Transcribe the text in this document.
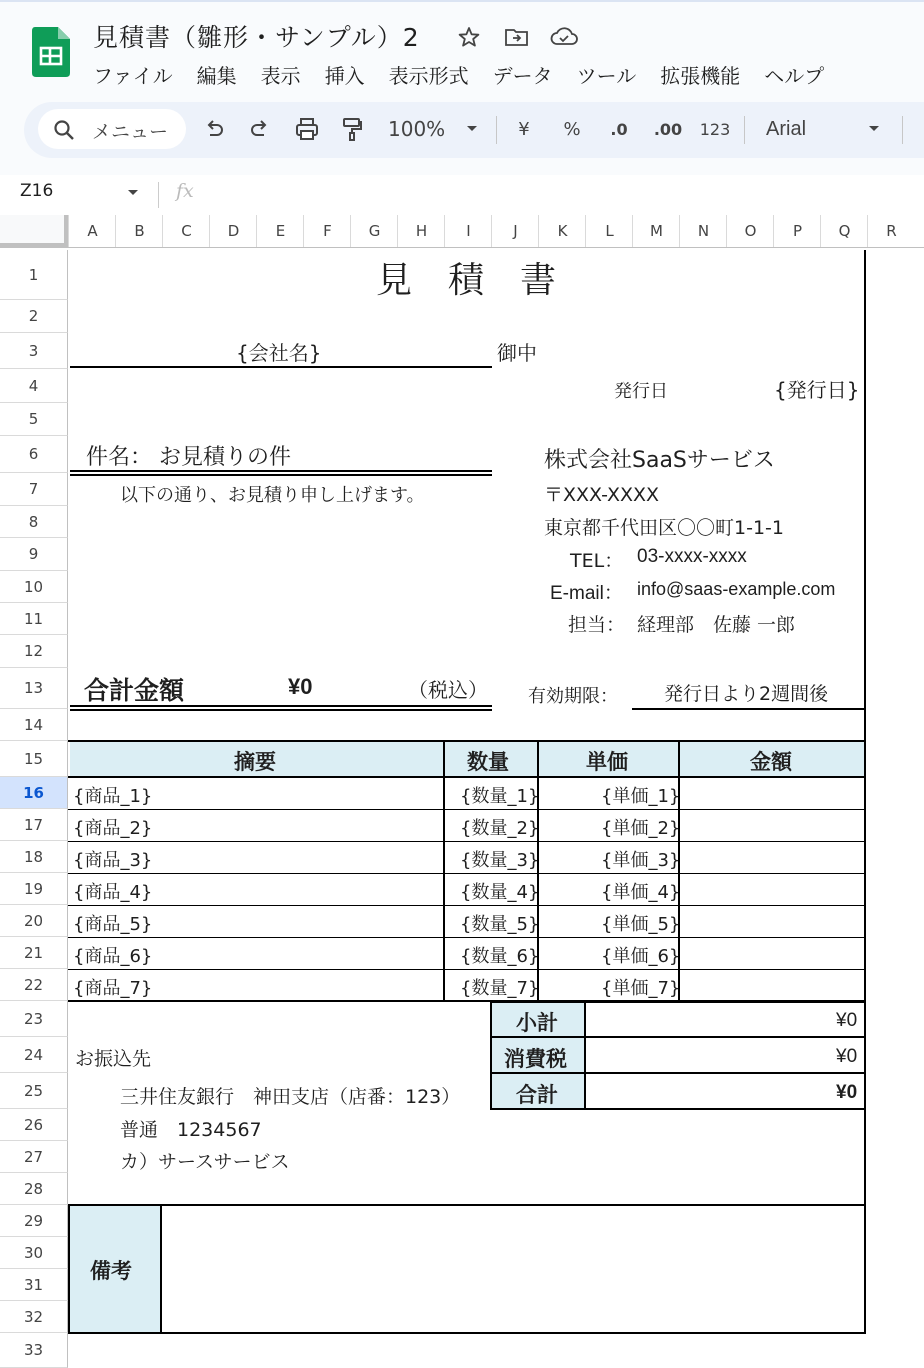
見積書（雛形・サンプル）2
ファイル 編集 表示 挿入 表示形式 データ ツール 拡張機能 ヘルプ
メニュー	100%	¥ % .0 .00 123 Arial
Z16	fx
A	B	C	D	E	F	G	H	I	J	K	L	M	N	O	P	Q	R
1
2
3
4
5
6
7
8
9
10
11
12
13
14
15
16
17
18
19
20
21
22
23
24
25
26
27
28
29
30
31
32
33
見　積　書
{会社名}	御中
発行日	{発行日}
件名： お見積りの件
以下の通り、お見積り申し上げます。
株式会社SaaSサービス
〒XXX-XXXX
東京都千代田区〇〇町1-1-1
TEL： 03-xxxx-xxxx
E-mail： info@saas-example.com
担当： 経理部　佐藤 一郎
合計金額	¥0	（税込） 有効期限： 発行日より2週間後
摘要	数量	単価	金額
{商品_1}	{数量_1}	{単価_1}
{商品_2}	{数量_2}	{単価_2}
{商品_3}	{数量_3}	{単価_3}
{商品_4}	{数量_4}	{単価_4}
{商品_5}	{数量_5}	{単価_5}
{商品_6}	{数量_6}	{単価_6}
{商品_7}	{数量_7}	{単価_7}
小計	¥0
消費税	¥0
合計	¥0
お振込先
三井住友銀行　神田支店（店番：123）
普通　1234567
カ）サースサービス
備考
